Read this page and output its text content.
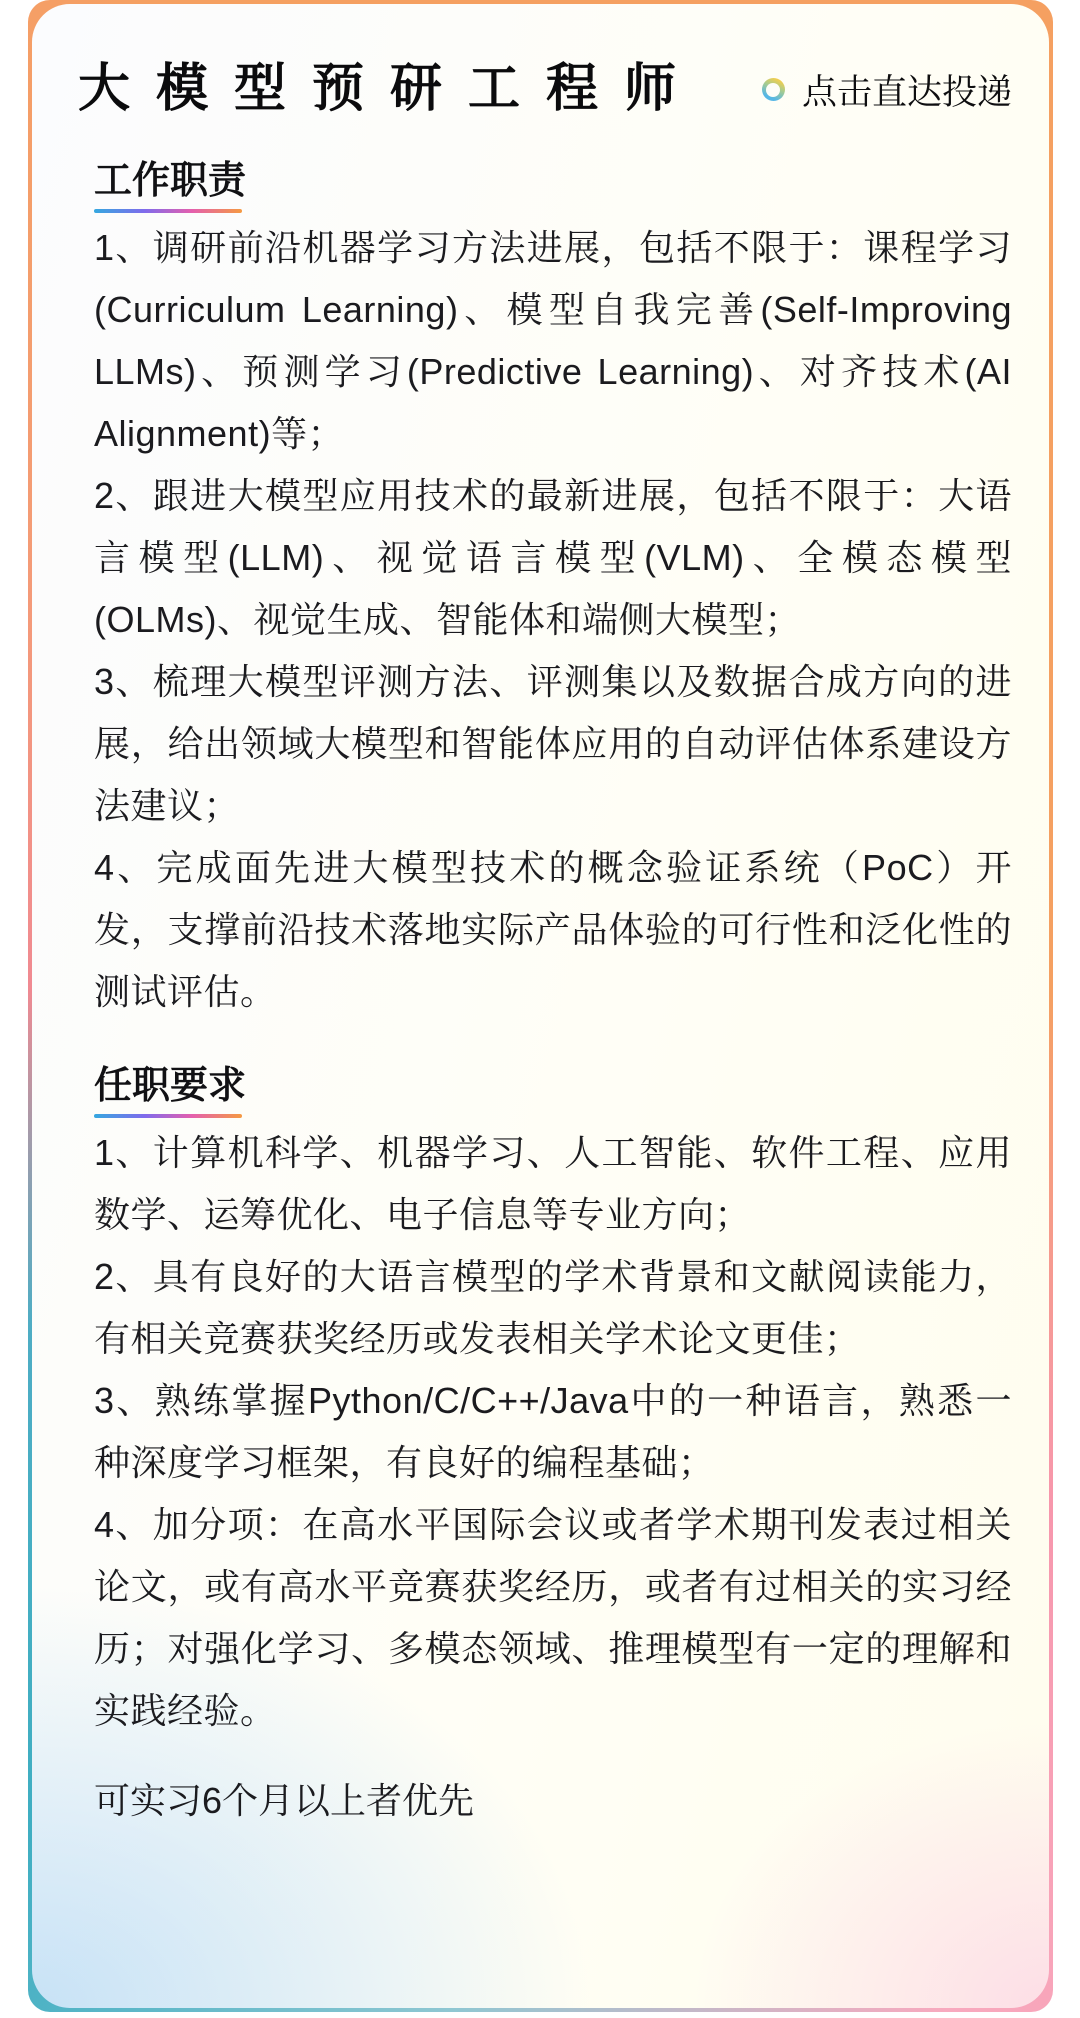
大模型预研工程师	点击直达投递
工作职责

1、调研前沿机器学习方法进展，包括不限于：课程学习(Curriculum Learning)、模型自我完善(Self-Improving LLMs)、预测学习(Predictive Learning)、对齐技术(AI Alignment)等；

2、跟进大模型应用技术的最新进展，包括不限于：大语言模型(LLM)、视觉语言模型(VLM)、全模态模型(OLMs)、视觉生成、智能体和端侧大模型；

3、梳理大模型评测方法、评测集以及数据合成方向的进展，给出领域大模型和智能体应用的自动评估体系建设方法建议；

4、完成面先进大模型技术的概念验证系统（PoC）开发，支撑前沿技术落地实际产品体验的可行性和泛化性的测试评估。

任职要求

1、计算机科学、机器学习、人工智能、软件工程、应用数学、运筹优化、电子信息等专业方向；

2、具有良好的大语言模型的学术背景和文献阅读能力，有相关竞赛获奖经历或发表相关学术论文更佳；

3、熟练掌握Python/C/C++/Java中的一种语言，熟悉一种深度学习框架，有良好的编程基础；

4、加分项：在高水平国际会议或者学术期刊发表过相关论文，或有高水平竞赛获奖经历，或者有过相关的实习经历；对强化学习、多模态领域、推理模型有一定的理解和实践经验。

可实习6个月以上者优先
